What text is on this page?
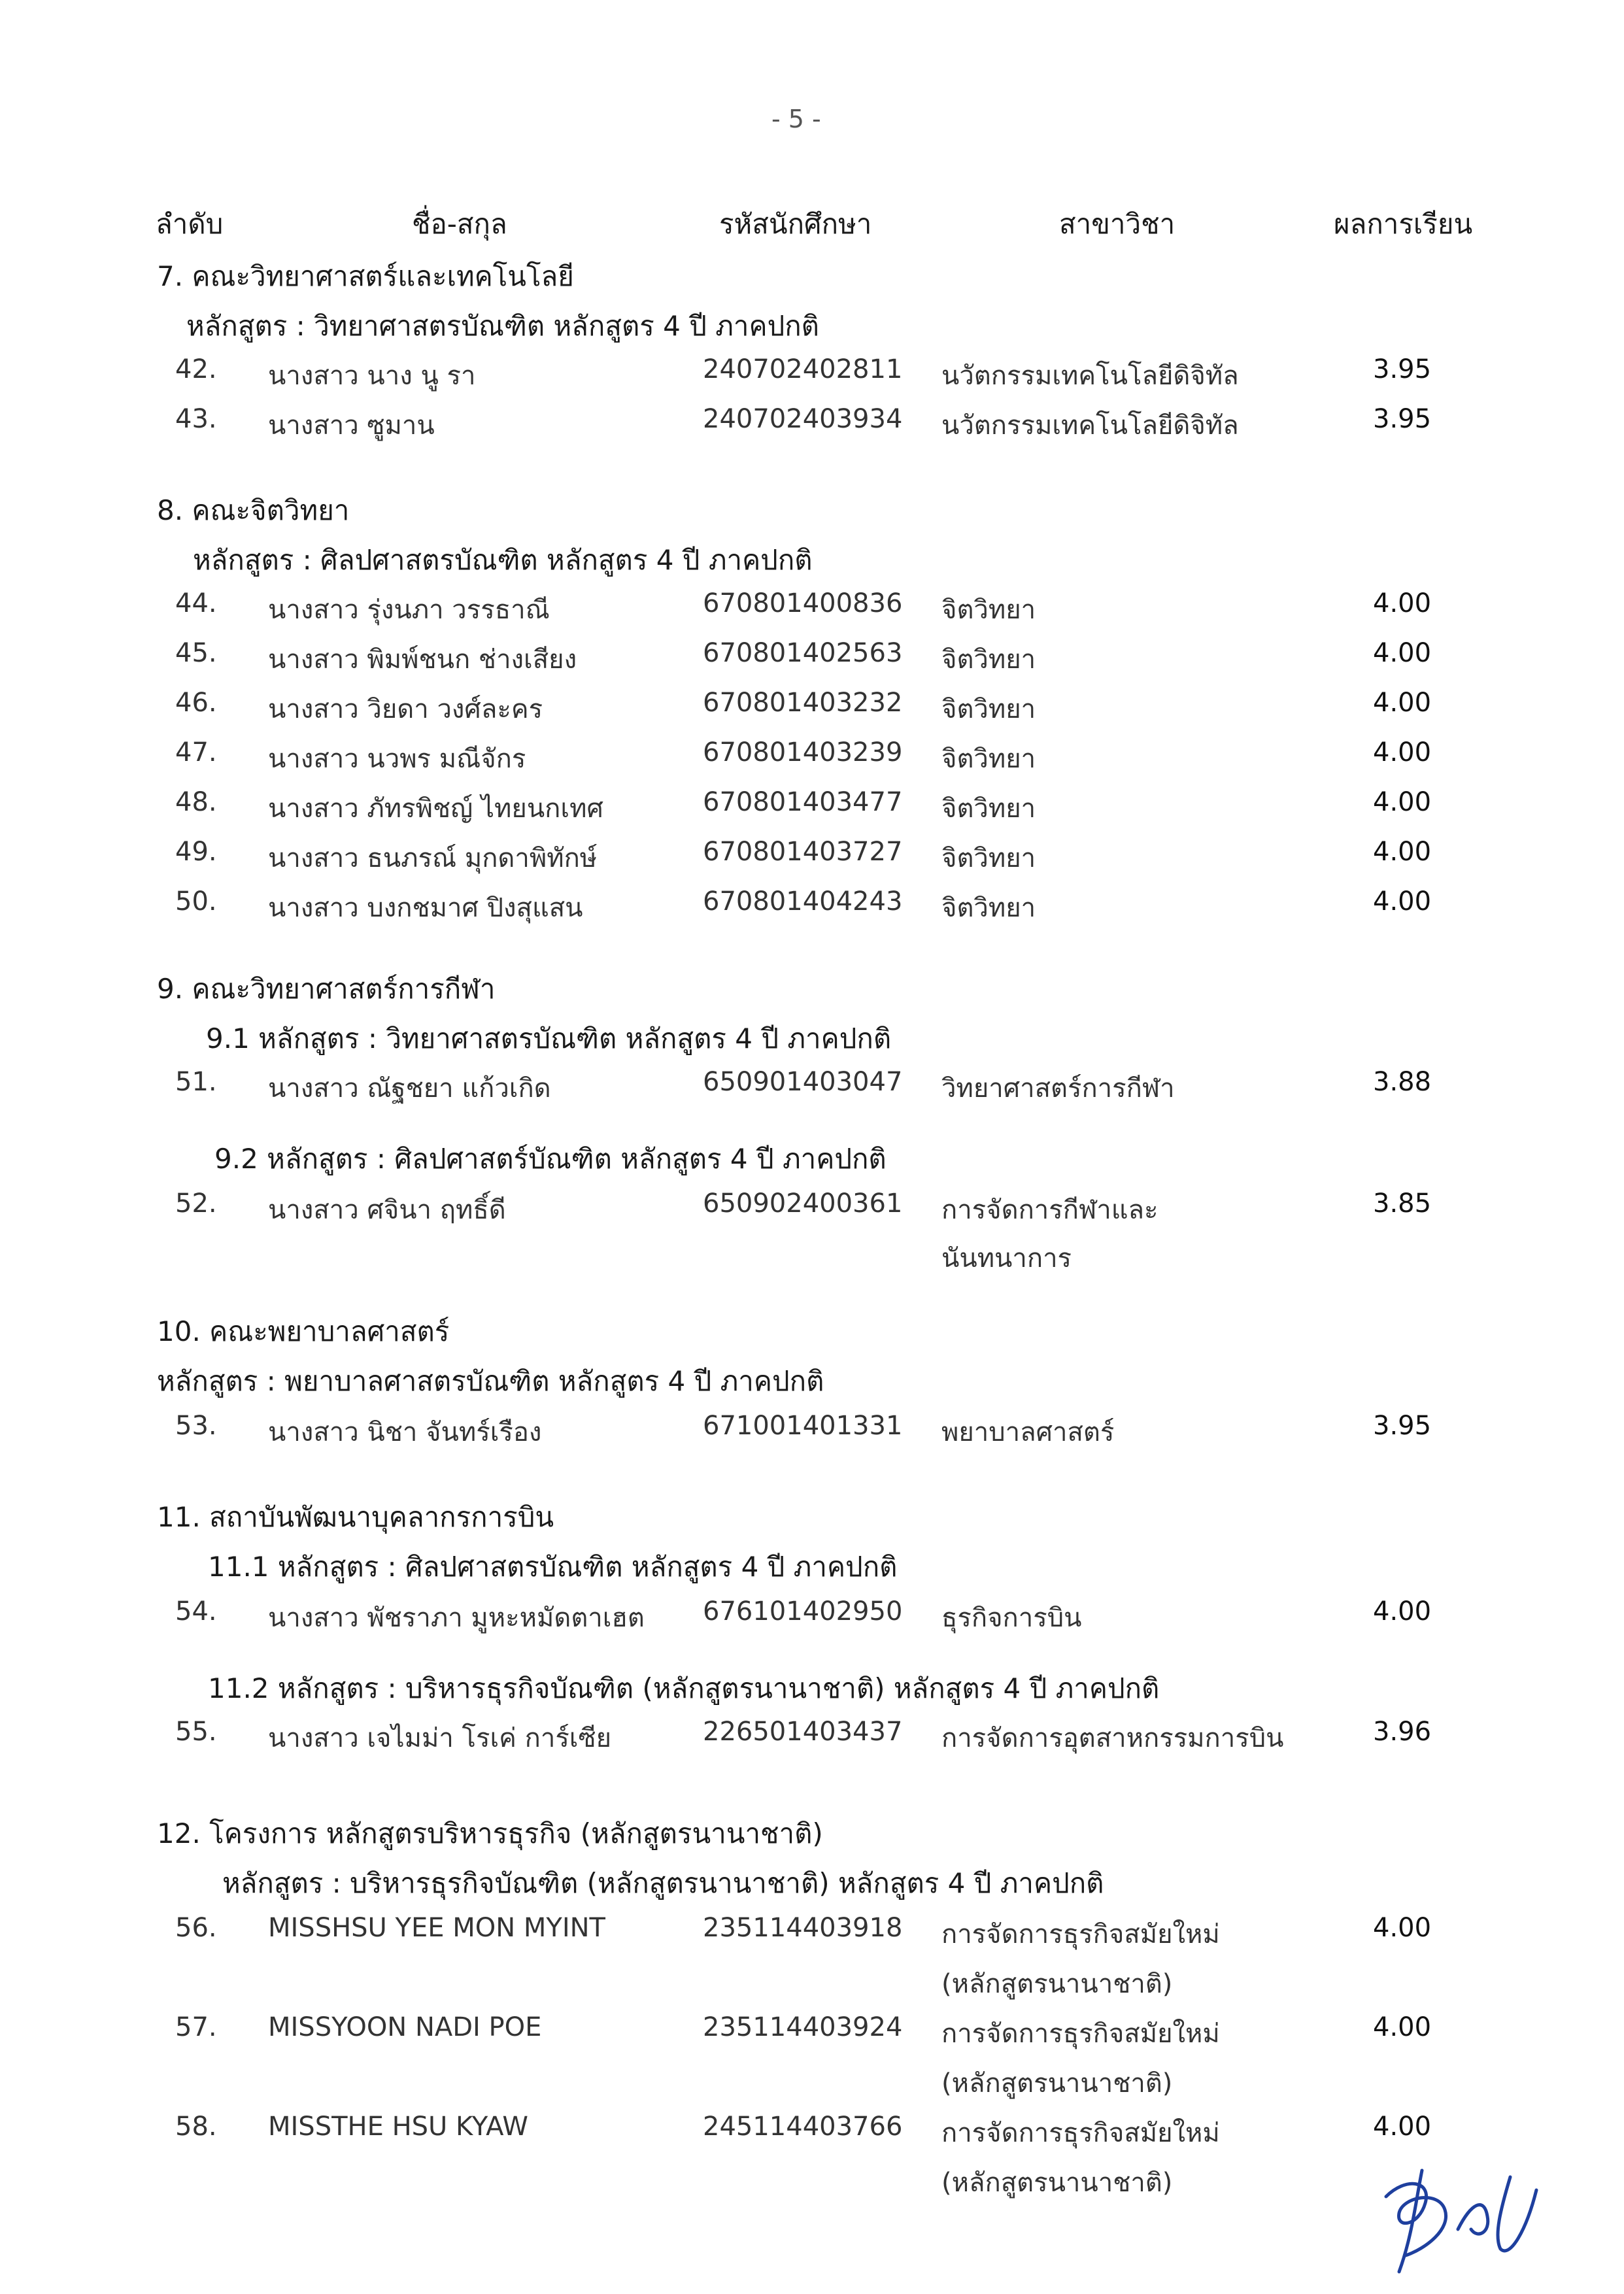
- 5 -
ลำดับ	ชื่อ-สกุล	รหัสนักศึกษา	สาขาวิชา	ผลการเรียน
7. คณะวิทยาศาสตร์และเทคโนโลยี
หลักสูตร : วิทยาศาสตรบัณฑิต หลักสูตร 4 ปี ภาคปกติ
42. นางสาว นาง นู รา	240702402811 นวัตกรรมเทคโนโลยีดิจิทัล	3.95
43. นางสาว ซูมาน	240702403934 นวัตกรรมเทคโนโลยีดิจิทัล	3.95
8. คณะจิตวิทยา
หลักสูตร : ศิลปศาสตรบัณฑิต หลักสูตร 4 ปี ภาคปกติ
44. นางสาว รุ่งนภา วรรธาณี	670801400836 จิตวิทยา	4.00
45. นางสาว พิมพ์ชนก ช่างเสียง	670801402563 จิตวิทยา	4.00
46. นางสาว วิยดา วงศ์ละคร	670801403232 จิตวิทยา	4.00
47. นางสาว นวพร มณีจักร	670801403239 จิตวิทยา	4.00
48. นางสาว ภัทรพิชญ์ ไทยนกเทศ	670801403477 จิตวิทยา	4.00
49. นางสาว ธนภรณ์ มุกดาพิทักษ์	670801403727 จิตวิทยา	4.00
50. นางสาว บงกชมาศ ปิงสุแสน	670801404243 จิตวิทยา	4.00
9. คณะวิทยาศาสตร์การกีฬา
9.1 หลักสูตร : วิทยาศาสตรบัณฑิต หลักสูตร 4 ปี ภาคปกติ
51. นางสาว ณัฐชยา แก้วเกิด	650901403047 วิทยาศาสตร์การกีฬา	3.88
9.2 หลักสูตร : ศิลปศาสตร์บัณฑิต หลักสูตร 4 ปี ภาคปกติ
52. นางสาว ศจินา ฤทธิ์ดี	650902400361 การจัดการกีฬาและ	3.85
นันทนาการ
10. คณะพยาบาลศาสตร์
หลักสูตร : พยาบาลศาสตรบัณฑิต หลักสูตร 4 ปี ภาคปกติ
53. นางสาว นิชา จันทร์เรือง	671001401331 พยาบาลศาสตร์	3.95
11. สถาบันพัฒนาบุคลากรการบิน
11.1 หลักสูตร : ศิลปศาสตรบัณฑิต หลักสูตร 4 ปี ภาคปกติ
54. นางสาว พัชราภา มูหะหมัดตาเฮต 676101402950 ธุรกิจการบิน	4.00
11.2 หลักสูตร : บริหารธุรกิจบัณฑิต (หลักสูตรนานาชาติ) หลักสูตร 4 ปี ภาคปกติ
55. นางสาว เจไมม่า โรเค่ การ์เซีย	226501403437 การจัดการอุตสาหกรรมการบิน	3.96
12. โครงการ หลักสูตรบริหารธุรกิจ (หลักสูตรนานาชาติ)
หลักสูตร : บริหารธุรกิจบัณฑิต (หลักสูตรนานาชาติ) หลักสูตร 4 ปี ภาคปกติ
56. MISSHSU YEE MON MYINT	235114403918 การจัดการธุรกิจสมัยใหม่	4.00
(หลักสูตรนานาชาติ)
57. MISSYOON NADI POE	235114403924 การจัดการธุรกิจสมัยใหม่	4.00
(หลักสูตรนานาชาติ)
58. MISSTHE HSU KYAW	245114403766 การจัดการธุรกิจสมัยใหม่	4.00
(หลักสูตรนานาชาติ)
